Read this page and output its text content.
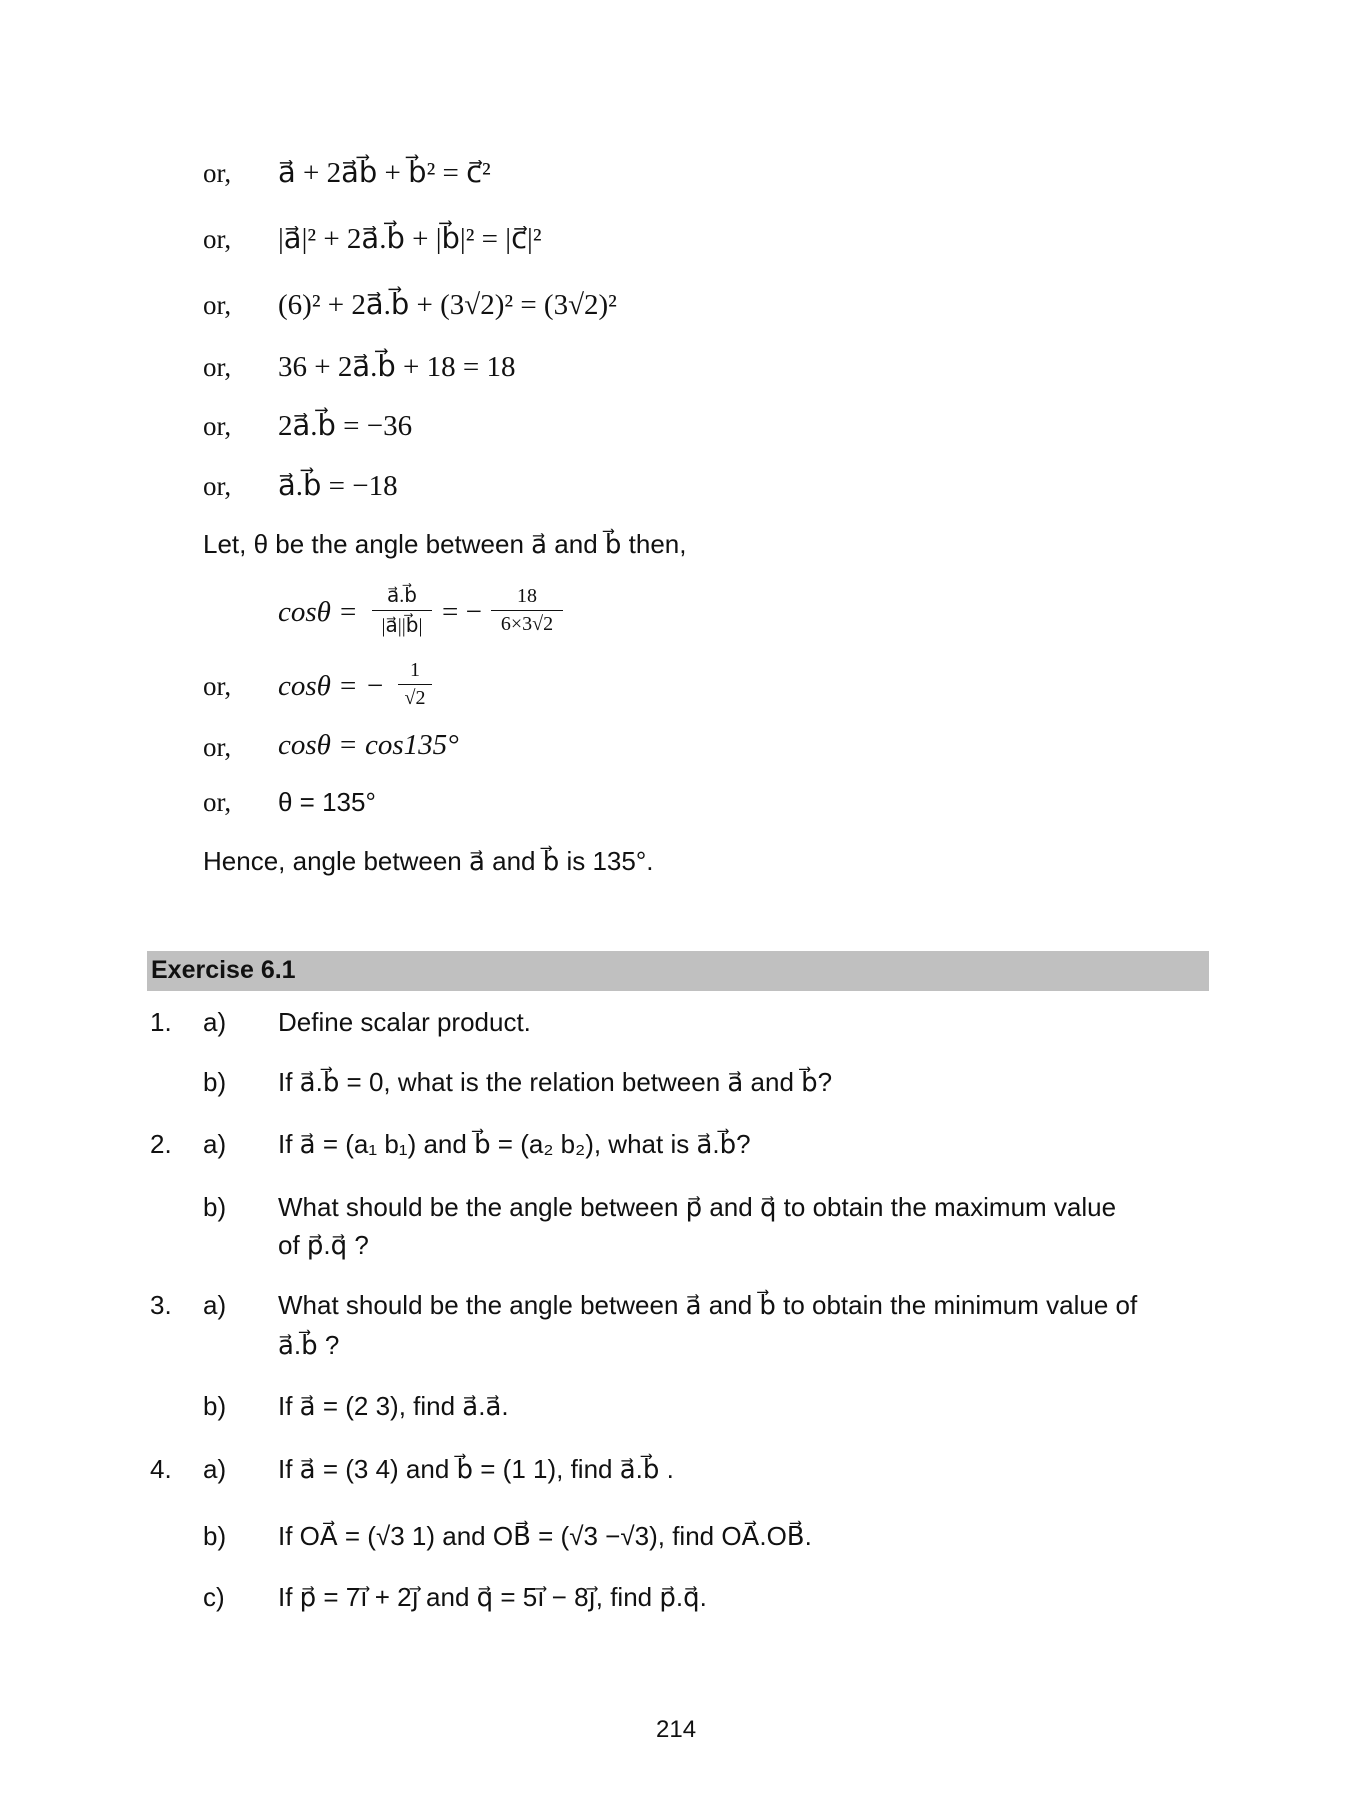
or, a⃗ + 2a⃗b⃗ + b⃗² = c⃗²
or, |a⃗|² + 2a⃗.b⃗ + |b⃗|² = |c⃗|²
or, (6)² + 2a⃗.b⃗ + (3√2)² = (3√2)²
or, 36 + 2a⃗.b⃗ + 18 = 18
or, 2a⃗.b⃗ = −36
or, a⃗.b⃗ = −18
Let, θ be the angle between a⃗ and b⃗ then,
$\cos\theta = \frac{a⃗.b⃗}{|a⃗||b⃗|}$ = − $\frac{18}{6\times 3√2}$
or, cosθ = − $\frac{1}{√2}$
or, cosθ = cos135°
or, θ = 135°
Hence, angle between a⃗ and b⃗ is 135°.
Exercise 6.1
1. a) Define scalar product.
b) If a⃗.b⃗ = 0, what is the relation between a⃗ and b⃗?
2. a) If a⃗ = (a₁ b₁) and b⃗ = (a₂ b₂), what is a⃗.b⃗?
b) What should be the angle between p⃗ and q⃗ to obtain the maximum value
of p⃗.q⃗ ?
3. a) What should be the angle between a⃗ and b⃗ to obtain the minimum value of
a⃗.b⃗ ?
b) If a⃗ = (2 3), find a⃗.a⃗.
4. a) If a⃗ = (3 4) and b⃗ = (1 1), find a⃗.b⃗ .
b) If OA⃗ = (√3 1) and OB⃗ = (√3 −√3), find OA⃗.OB⃗.
c) If p⃗ = 7i⃗ + 2j⃗ and q⃗ = 5i⃗ − 8j⃗, find p⃗.q⃗.
214
